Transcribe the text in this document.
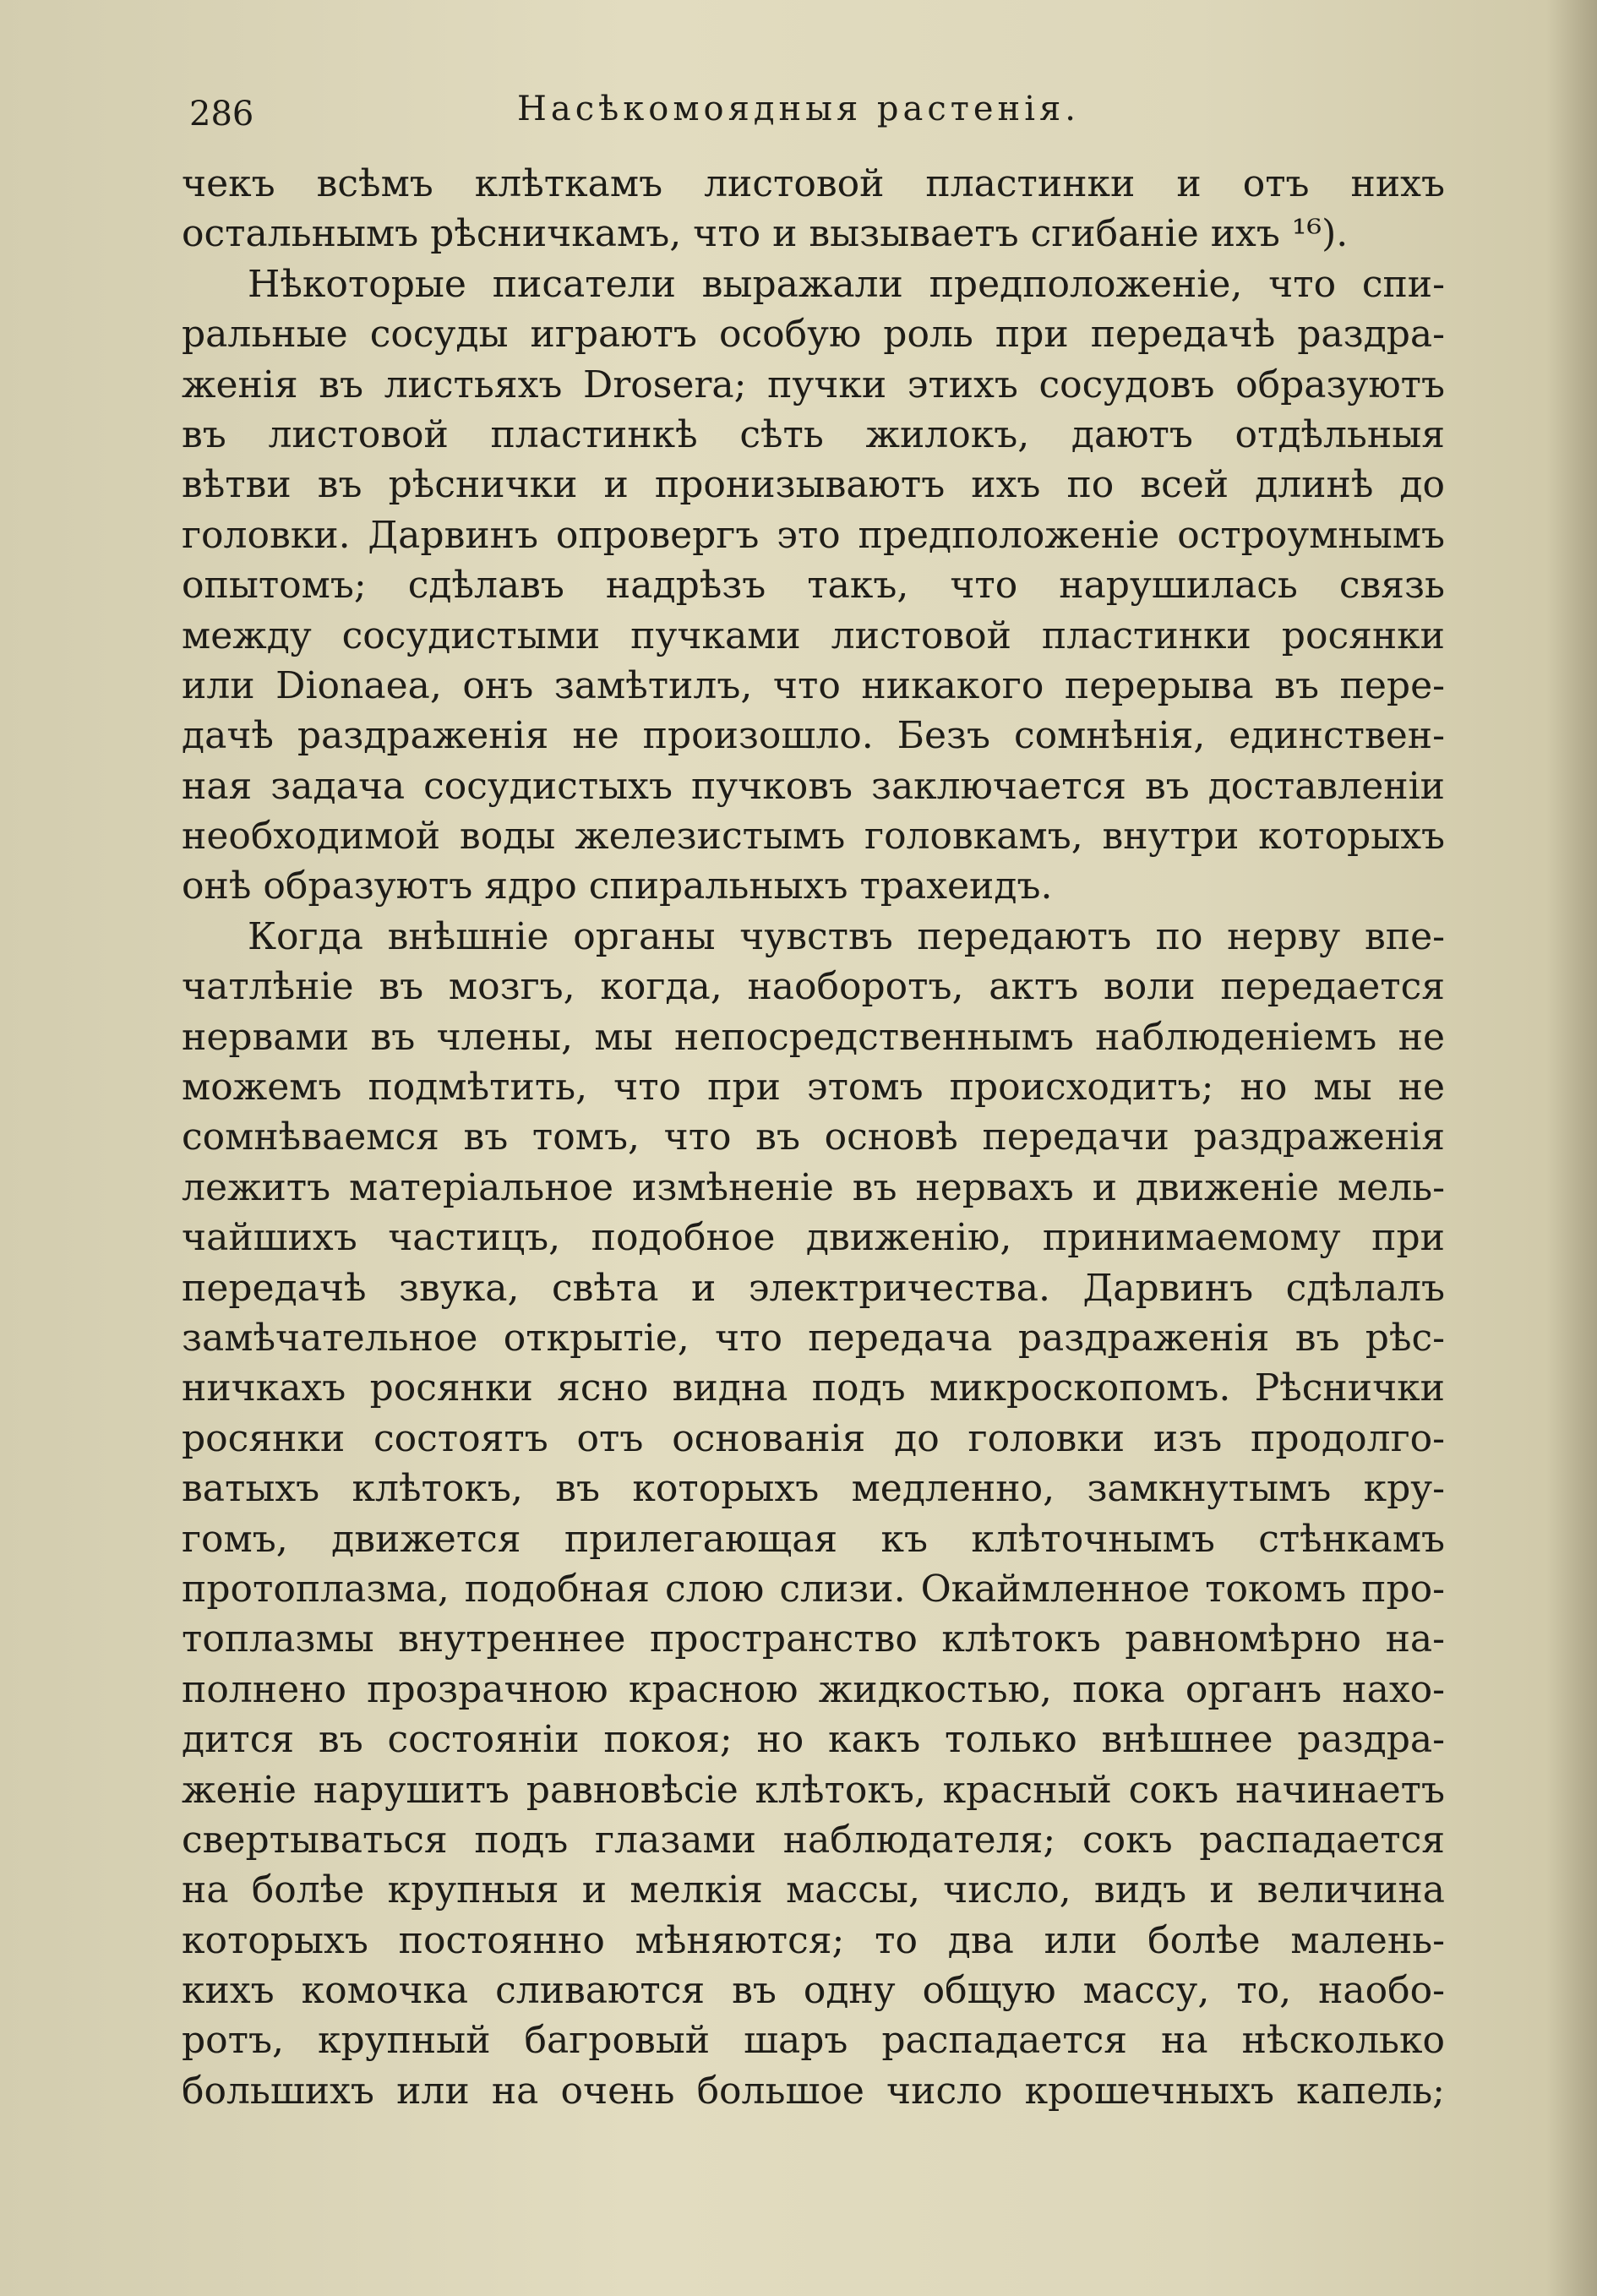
286	Насѣкомоядныя растенія.
чекъ всѣмъ клѣткамъ листовой пластинки и отъ нихъ
остальнымъ рѣсничкамъ, что и вызываетъ сгибаніе ихъ ¹⁶).
Нѣкоторые писатели выражали предположеніе, что спи-
ральные сосуды играютъ особую роль при передачѣ раздра-
женія въ листьяхъ Drosera; пучки этихъ сосудовъ образуютъ
въ листовой пластинкѣ сѣть жилокъ, даютъ отдѣльныя
вѣтви въ рѣснички и пронизываютъ ихъ по всей длинѣ до
головки. Дарвинъ опровергъ это предположеніе остроумнымъ
опытомъ; сдѣлавъ надрѣзъ такъ, что нарушилась связь
между сосудистыми пучками листовой пластинки росянки
или Dionaea, онъ замѣтилъ, что никакого перерыва въ пере-
дачѣ раздраженія не произошло. Безъ сомнѣнія, единствен-
ная задача сосудистыхъ пучковъ заключается въ доставленіи
необходимой воды железистымъ головкамъ, внутри которыхъ
онѣ образуютъ ядро спиральныхъ трахеидъ.
Когда внѣшніе органы чувствъ передаютъ по нерву впе-
чатлѣніе въ мозгъ, когда, наоборотъ, актъ воли передается
нервами въ члены, мы непосредственнымъ наблюденіемъ не
можемъ подмѣтить, что при этомъ происходитъ; но мы не
сомнѣваемся въ томъ, что въ основѣ передачи раздраженія
лежитъ матеріальное измѣненіе въ нервахъ и движеніе мель-
чайшихъ частицъ, подобное движенію, принимаемому при
передачѣ звука, свѣта и электричества. Дарвинъ сдѣлалъ
замѣчательное открытіе, что передача раздраженія въ рѣс-
ничкахъ росянки ясно видна подъ микроскопомъ. Рѣснички
росянки состоятъ отъ основанія до головки изъ продолго-
ватыхъ клѣтокъ, въ которыхъ медленно, замкнутымъ кру-
гомъ, движется прилегающая къ клѣточнымъ стѣнкамъ
протоплазма, подобная слою слизи. Окаймленное токомъ про-
топлазмы внутреннее пространство клѣтокъ равномѣрно на-
полнено прозрачною красною жидкостью, пока органъ нахо-
дится въ состояніи покоя; но какъ только внѣшнее раздра-
женіе нарушитъ равновѣсіе клѣтокъ, красный сокъ начинаетъ
свертываться подъ глазами наблюдателя; сокъ распадается
на болѣе крупныя и мелкія массы, число, видъ и величина
которыхъ постоянно мѣняются; то два или болѣе малень-
кихъ комочка сливаются въ одну общую массу, то, наобо-
ротъ, крупный багровый шаръ распадается на нѣсколько
большихъ или на очень большое число крошечныхъ капель;
